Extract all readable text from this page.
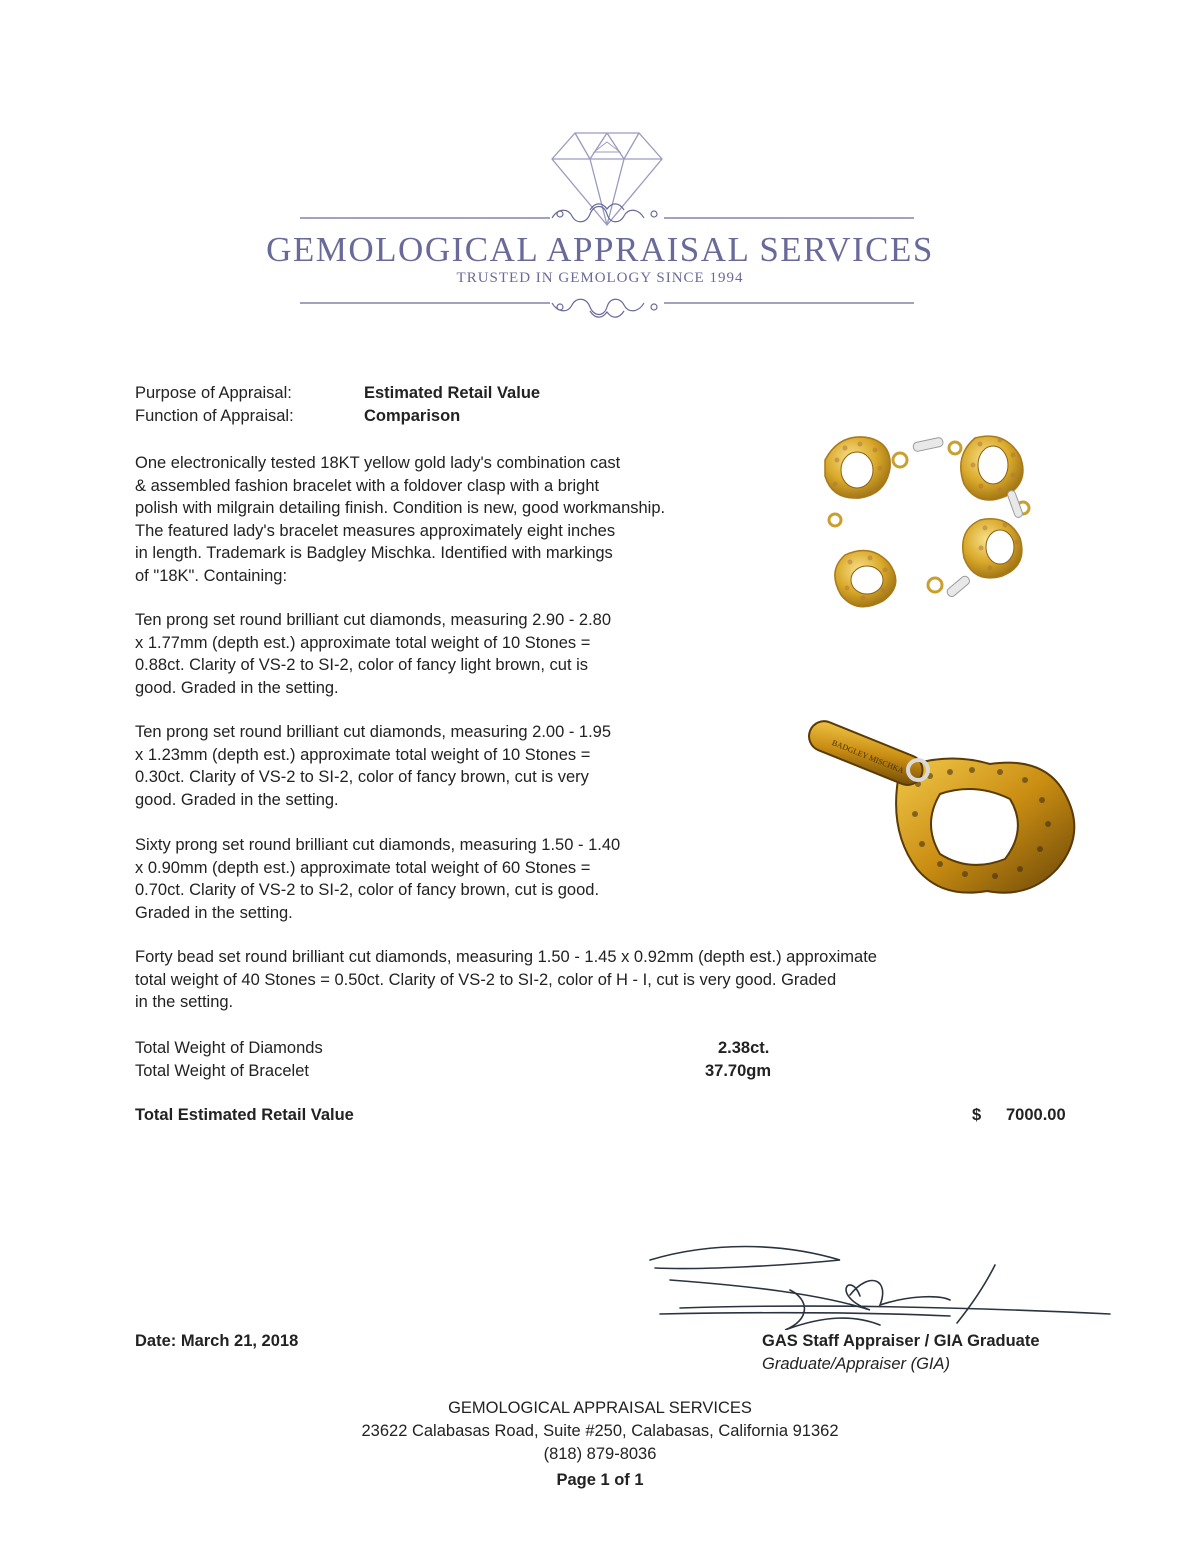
GEMOLOGICAL APPRAISAL SERVICES
TRUSTED IN GEMOLOGY SINCE 1994
Purpose of Appraisal:	Estimated Retail Value
Function of Appraisal:	Comparison
One electronically tested 18KT yellow gold lady's combination cast
& assembled fashion bracelet with a foldover clasp with a bright
polish with milgrain detailing finish. Condition is new, good workmanship.
The featured lady's bracelet measures approximately eight inches
in length. Trademark is Badgley Mischka. Identified with markings
of "18K". Containing:
Ten prong set round brilliant cut diamonds, measuring 2.90 - 2.80
x 1.77mm (depth est.) approximate total weight of 10 Stones =
0.88ct. Clarity of VS-2 to SI-2, color of fancy light brown, cut is
good. Graded in the setting.
Ten prong set round brilliant cut diamonds, measuring 2.00 - 1.95
x 1.23mm (depth est.) approximate total weight of 10 Stones =
0.30ct. Clarity of VS-2 to SI-2, color of fancy brown, cut is very
good. Graded in the setting.
Sixty prong set round brilliant cut diamonds, measuring 1.50 - 1.40
x 0.90mm (depth est.) approximate total weight of 60 Stones =
0.70ct. Clarity of VS-2 to SI-2, color of fancy brown, cut is good.
Graded in the setting.
Forty bead set round brilliant cut diamonds, measuring 1.50 - 1.45 x 0.92mm (depth est.) approximate
total weight of 40 Stones = 0.50ct. Clarity of VS-2 to SI-2, color of H - I, cut is very good. Graded
in the setting.
BADGLEY MISCHKA
Total Weight of Diamonds	2.38ct.
Total Weight of Bracelet	37.70gm
Total Estimated Retail Value	$ 7000.00
Date: March 21, 2018	GAS Staff Appraiser / GIA Graduate
Graduate/Appraiser (GIA)
GEMOLOGICAL APPRAISAL SERVICES
23622 Calabasas Road, Suite #250, Calabasas, California 91362
(818) 879-8036
Page 1 of 1
